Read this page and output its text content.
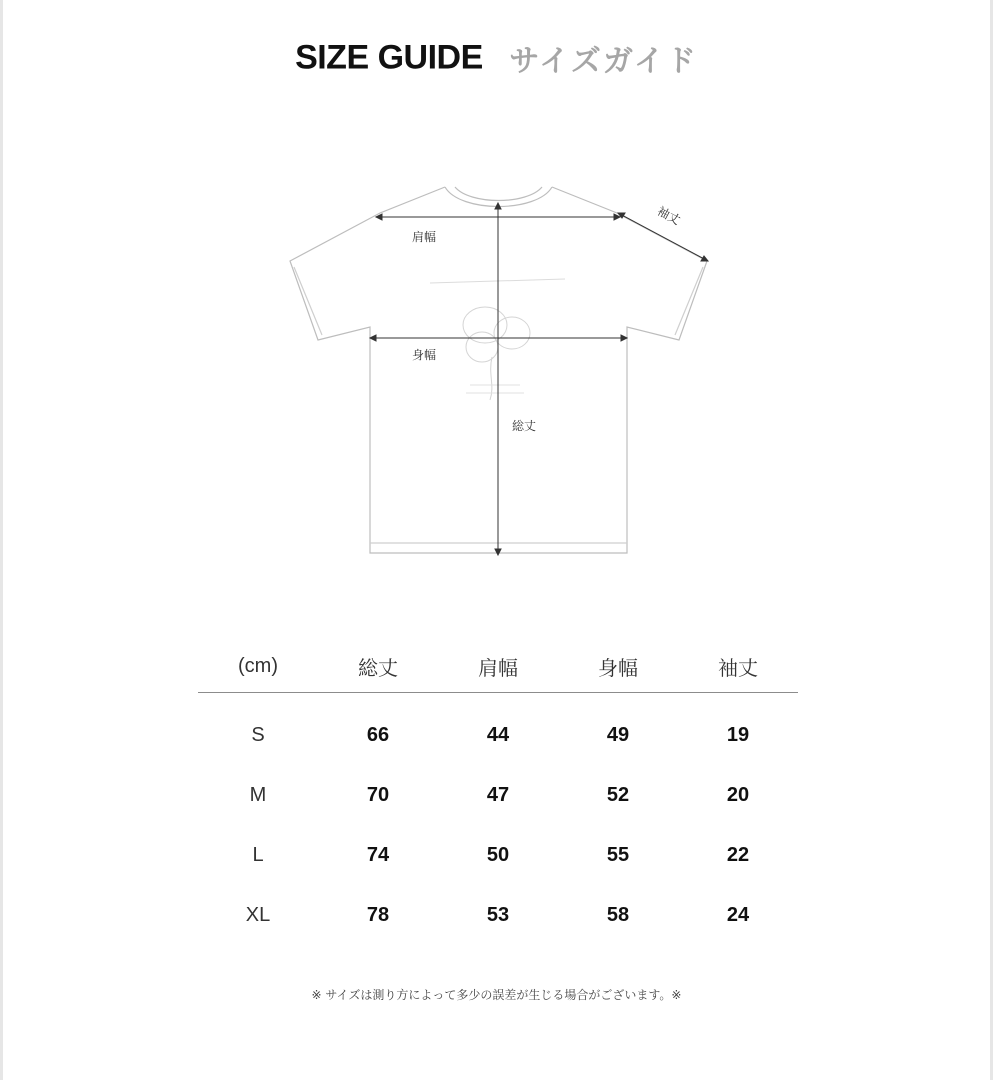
SIZE GUIDE サイズガイド
肩幅
身幅
総丈
袖丈
(cm)	総丈	肩幅	身幅	袖丈
S	66	44	49	19
M	70	47	52	20
L	74	50	55	22
XL	78	53	58	24
※ サイズは測り方によって多少の誤差が生じる場合がございます。※
